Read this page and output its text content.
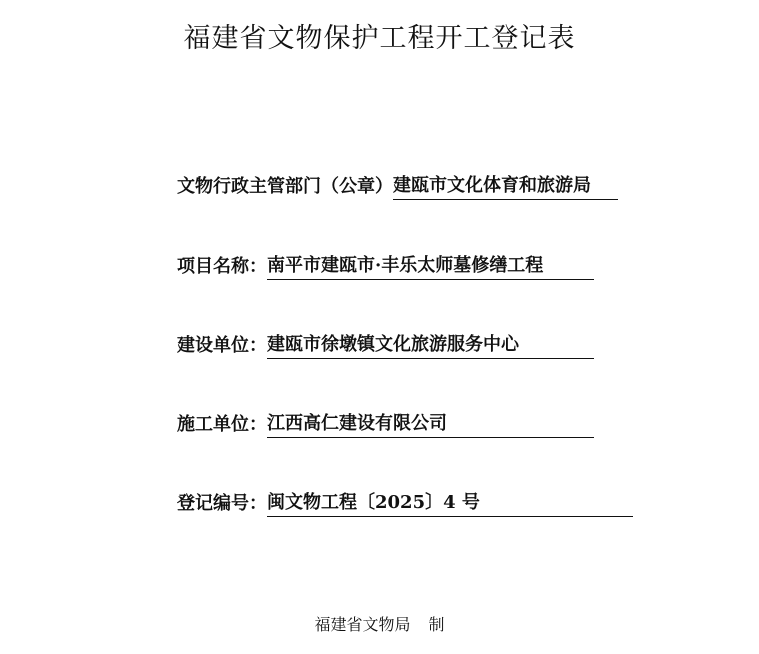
福建省文物保护工程开工登记表
文物行政主管部门（公章）建瓯市文化体育和旅游局
项目名称：南平市建瓯市·丰乐太师墓修缮工程
建设单位：建瓯市徐墩镇文化旅游服务中心
施工单位：江西高仁建设有限公司
登记编号：闽文物工程〔2025〕4 号
福建省文物局 制
